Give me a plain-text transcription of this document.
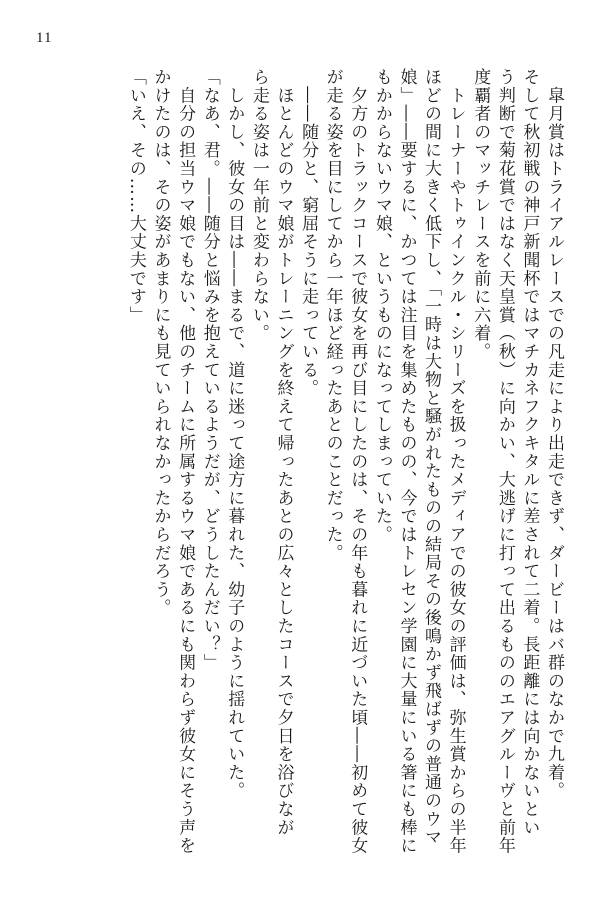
11
　皐月賞はトライアルレースでの凡走により出走できず、ダービーはバ群のなかで九着。
そして秋初戦の神戸新聞杯ではマチカネフクキタルに差されて二着。長距離には向かないとい
う判断で菊花賞ではなく天皇賞（秋）に向かい、大逃げに打って出るもののエアグルーヴと前年
度覇者のマッチレースを前に六着。
　トレーナーやトゥインクル・シリーズを扱ったメディアでの彼女の評価は、弥生賞からの半年
ほどの間に大きく低下し、「一時は大物と騒がれたものの結局その後鳴かず飛ばずの普通のウマ
娘」――要するに、かつては注目を集めたものの、今ではトレセン学園に大量にいる箸にも棒に
もかからないウマ娘、というものになってしまっていた。
　夕方のトラックコースで彼女を再び目にしたのは、その年も暮れに近づいた頃――初めて彼女
が走る姿を目にしてから一年ほど経ったあとのことだった。
　――随分と、窮屈そうに走っている。
　ほとんどのウマ娘がトレーニングを終えて帰ったあとの広々としたコースで夕日を浴びなが
ら走る姿は一年前と変わらない。
　しかし、彼女の目は――まるで、道に迷って途方に暮れた、幼子のように揺れていた。
「なあ、君。――随分と悩みを抱えているようだが、どうしたんだい？」
　自分の担当ウマ娘でもない、他のチームに所属するウマ娘であるにも関わらず彼女にそう声を
かけたのは、その姿があまりにも見ていられなかったからだろう。
「いえ、その……大丈夫です」
